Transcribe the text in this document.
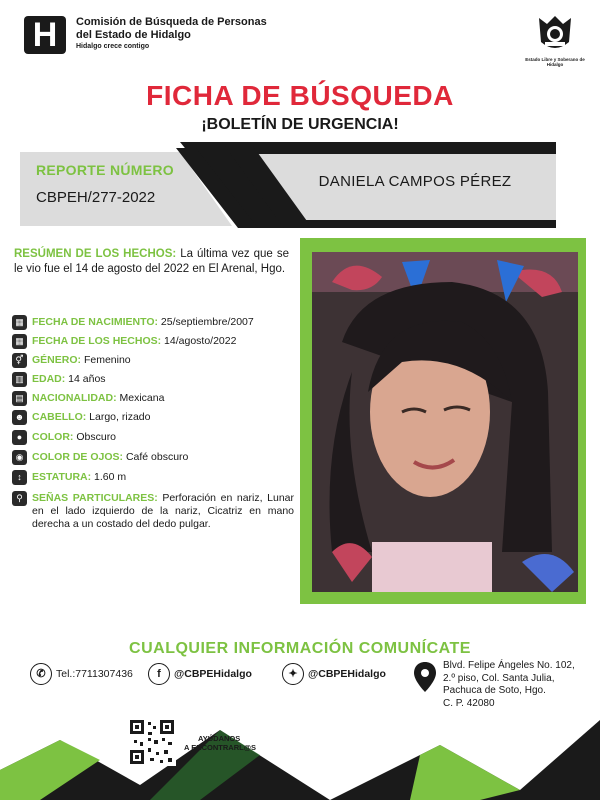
H	Comisión de Búsqueda de Personas del Estado de Hidalgo
Hidalgo crece contigo
Estado Libre y Soberano de Hidalgo
FICHA DE BÚSQUEDA
¡BOLETÍN DE URGENCIA!
REPORTE NÚMERO
CBPEH/277-2022
DANIELA CAMPOS PÉREZ
RESÚMEN DE LOS HECHOS: La última vez que se le vio fue el 14 de agosto del 2022 en El Arenal, Hgo.
▦ FECHA DE NACIMIENTO: 25/septiembre/2007
▦ FECHA DE LOS HECHOS: 14/agosto/2022
⚥ GÉNERO: Femenino
▥ EDAD: 14 años
▤ NACIONALIDAD: Mexicana
☻ CABELLO: Largo, rizado
● COLOR: Obscuro
◉ COLOR DE OJOS: Café obscuro
↕ ESTATURA: 1.60 m
⚲ SEÑAS PARTICULARES: Perforación en nariz, Lunar en el lado izquierdo de la nariz, Cicatriz en mano derecha a un costado del dedo pulgar.
CUALQUIER INFORMACIÓN COMUNÍCATE
✆ Tel.:7711307436	f	@CBPEHidalgo	✦ @CBPEHidalgo
Blvd. Felipe Ángeles No. 102,
2.º piso, Col. Santa Julia,
Pachuca de Soto, Hgo.
C. P. 42080
AYÚDANOS
A ENCONTRARL@S
